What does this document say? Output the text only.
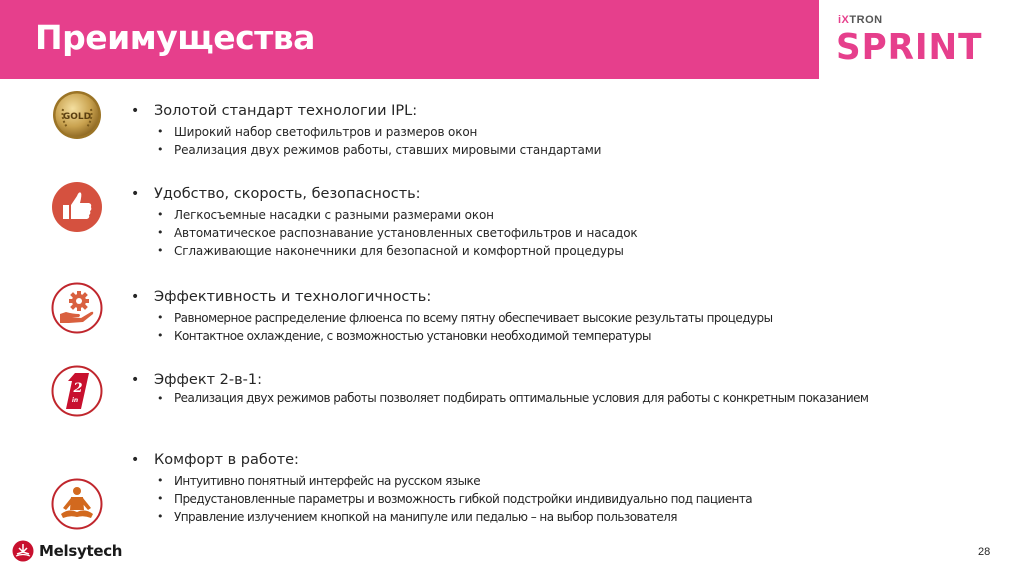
Преимущества	iXTRON
SPRINT
GOLD
2
in
• Золотой стандарт технологии IPL:
• Широкий набор светофильтров и размеров окон
• Реализация двух режимов работы, ставших мировыми стандартами
• Удобство, скорость, безопасность:
• Легкосъемные насадки с разными размерами окон
• Автоматическое распознавание установленных светофильтров и насадок
• Сглаживающие наконечники для безопасной и комфортной процедуры
• Эффективность и технологичность:
• Равномерное распределение флюенса по всему пятну обеспечивает высокие результаты процедуры
• Контактное охлаждение, с возможностью установки необходимой температуры
• Эффект 2-в-1:
• Реализация двух режимов работы позволяет подбирать оптимальные условия для работы с конкретным показанием
• Комфорт в работе:
• Интуитивно понятный интерфейс на русском языке
• Предустановленные параметры и возможность гибкой подстройки индивидуально под пациента
• Управление излучением кнопкой на манипуле или педалью – на выбор пользователя
Melsytech	28
